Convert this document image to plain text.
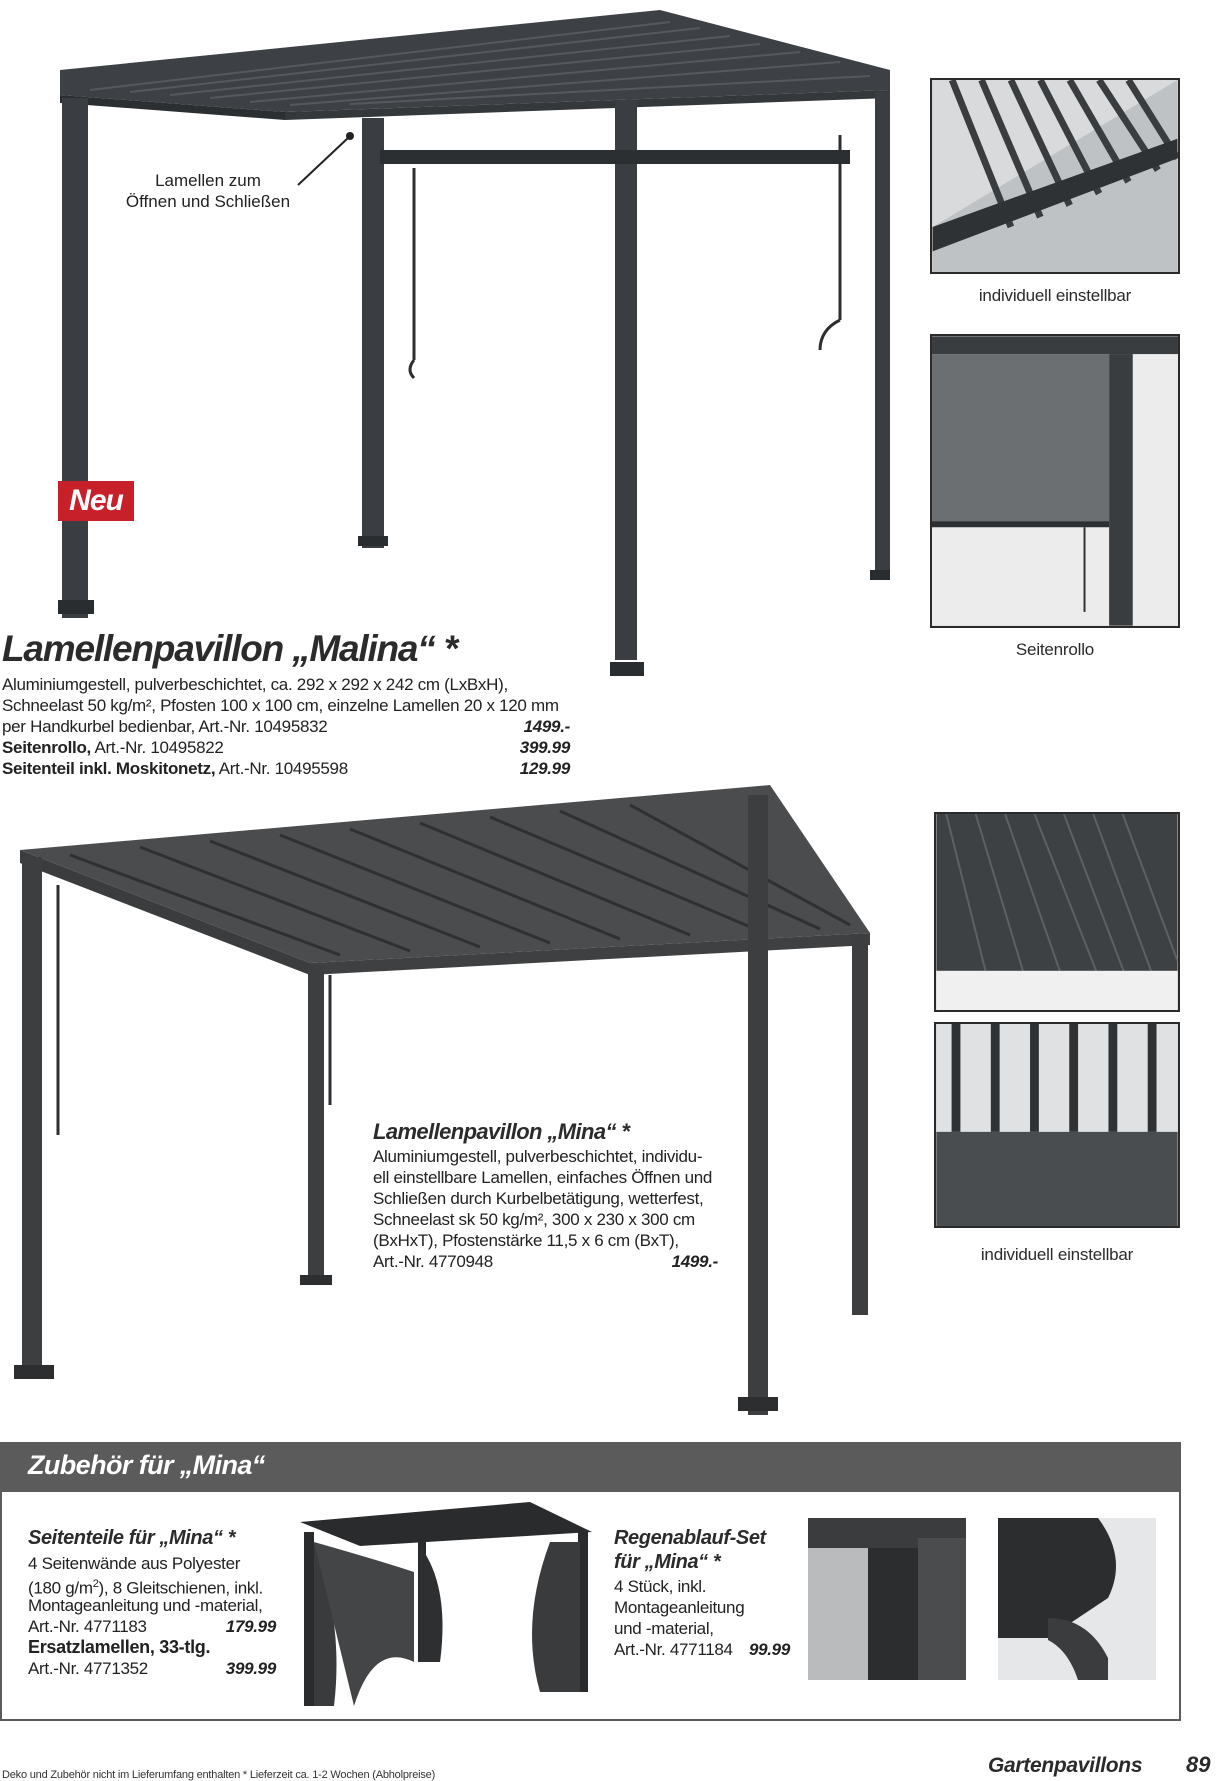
Lamellen zum
Öffnen und Schließen
Neu
individuell einstellbar
Seitenrollo
Lamellenpavillon „Malina“ *
Aluminiumgestell, pulverbeschichtet, ca. 292 x 292 x 242 cm (LxBxH),
Schneelast 50 kg/m², Pfosten 100 x 100 cm, einzelne Lamellen 20 x 120 mm
per Handkurbel bedienbar, Art.-Nr. 10495832	1499.-
Seitenrollo, Art.-Nr. 10495822	399.99
Seitenteil inkl. Moskitonetz, Art.-Nr. 10495598	129.99
individuell einstellbar
Lamellenpavillon „Mina“ *
Aluminiumgestell, pulverbeschichtet, individu-
ell einstellbare Lamellen, einfaches Öffnen und
Schließen durch Kurbelbetätigung, wetterfest,
Schneelast sk 50 kg/m², 300 x 230 x 300 cm
(BxHxT), Pfostenstärke 11,5 x 6 cm (BxT),
Art.-Nr. 4770948	1499.-
Zubehör für „Mina“
Seitenteile für „Mina“ *
4 Seitenwände aus Polyester
(180 $g/m^2$), 8 Gleitschienen, inkl.
Montageanleitung und -material,
Art.-Nr. 4771183	179.99
Ersatzlamellen, 33-tlg.
Art.-Nr. 4771352	399.99
Regenablauf-Set
für „Mina“ *
4 Stück, inkl.
Montageanleitung
und -material,
Art.-Nr. 4771184 99.99
Deko und Zubehör nicht im Lieferumfang enthalten * Lieferzeit ca. 1-2 Wochen (Abholpreise)	Gartenpavillons 89
